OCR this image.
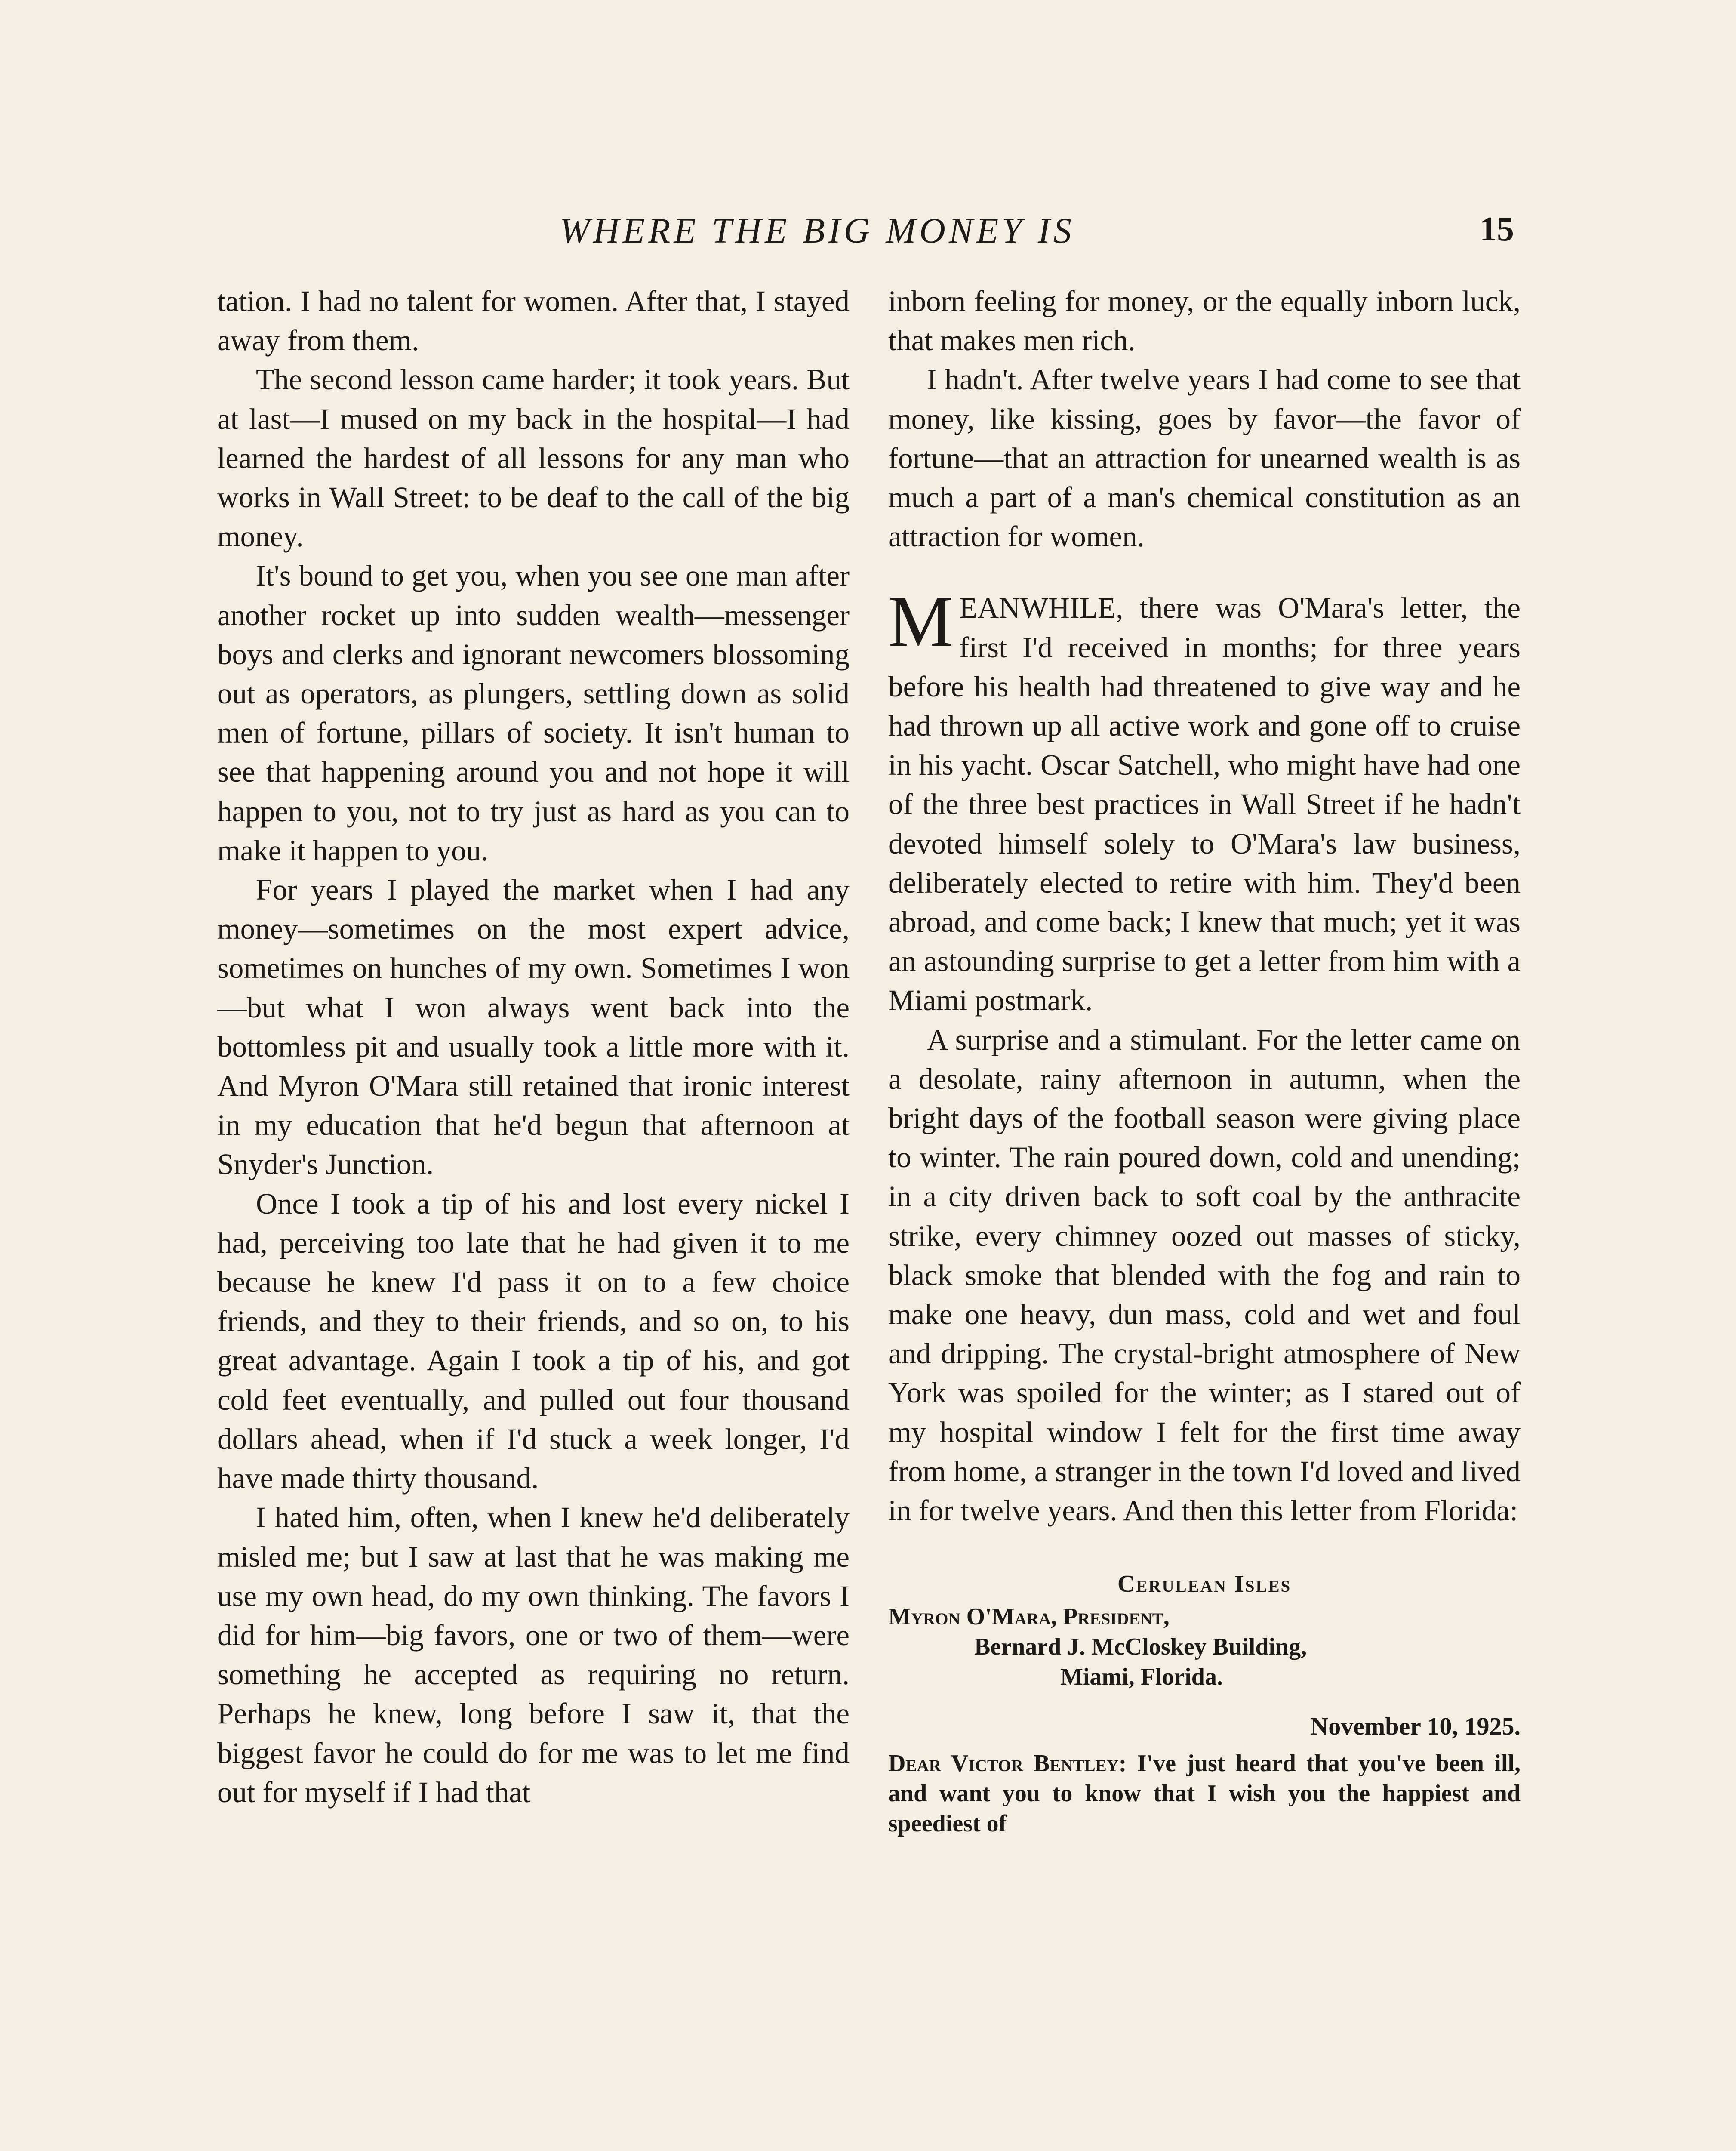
WHERE THE BIG MONEY IS	15

tation. I had no talent for women. After that, I stayed away from them.

The second lesson came harder; it took years. But at last—I mused on my back in the hospital—I had learned the hardest of all lessons for any man who works in Wall Street: to be deaf to the call of the big money.

It's bound to get you, when you see one man after another rocket up into sudden wealth—messenger boys and clerks and ignorant newcomers blossoming out as operators, as plungers, settling down as solid men of fortune, pillars of society. It isn't human to see that happening around you and not hope it will happen to you, not to try just as hard as you can to make it happen to you.

For years I played the market when I had any money—sometimes on the most expert advice, sometimes on hunches of my own. Sometimes I won —but what I won always went back into the bottomless pit and usually took a little more with it. And Myron O'Mara still retained that ironic interest in my education that he'd begun that afternoon at Snyder's Junction.

Once I took a tip of his and lost every nickel I had, perceiving too late that he had given it to me because he knew I'd pass it on to a few choice friends, and they to their friends, and so on, to his great advantage. Again I took a tip of his, and got cold feet eventually, and pulled out four thousand dollars ahead, when if I'd stuck a week longer, I'd have made thirty thousand.

I hated him, often, when I knew he'd deliberately misled me; but I saw at last that he was making me use my own head, do my own thinking. The favors I did for him—big favors, one or two of them—were something he accepted as requiring no return. Perhaps he knew, long before I saw it, that the biggest favor he could do for me was to let me find out for myself if I had that

inborn feeling for money, or the equally inborn luck, that makes men rich.

I hadn't. After twelve years I had come to see that money, like kissing, goes by favor—the favor of fortune—that an attraction for unearned wealth is as much a part of a man's chemical constitution as an attraction for women.

MEANWHILE, there was O'Mara's letter, the first I'd received in months; for three years before his health had threatened to give way and he had thrown up all active work and gone off to cruise in his yacht. Oscar Satchell, who might have had one of the three best practices in Wall Street if he hadn't devoted himself solely to O'Mara's law business, deliberately elected to retire with him. They'd been abroad, and come back; I knew that much; yet it was an astounding surprise to get a letter from him with a Miami postmark.

A surprise and a stimulant. For the letter came on a desolate, rainy afternoon in autumn, when the bright days of the football season were giving place to winter. The rain poured down, cold and unending; in a city driven back to soft coal by the anthracite strike, every chimney oozed out masses of sticky, black smoke that blended with the fog and rain to make one heavy, dun mass, cold and wet and foul and dripping. The crystal-bright atmosphere of New York was spoiled for the winter; as I stared out of my hospital window I felt for the first time away from home, a stranger in the town I'd loved and lived in for twelve years. And then this letter from Florida:

Cerulean Isles
Myron O'Mara, President,
Bernard J. McCloskey Building,
Miami, Florida.
November 10, 1925.
Dear Victor Bentley: I've just heard that you've been ill, and want you to know that I wish you the happiest and speediest of
